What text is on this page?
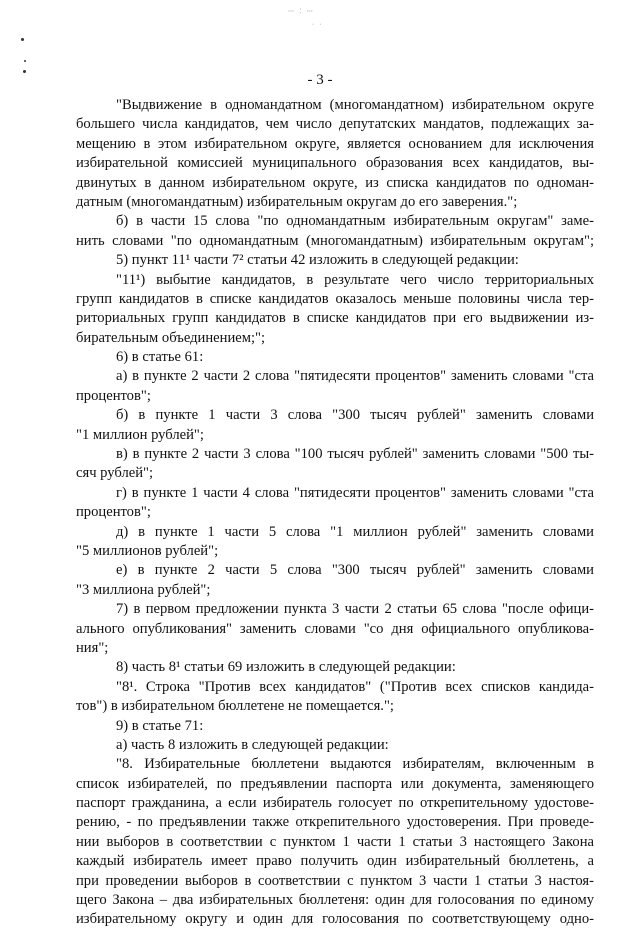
⋯ ⁚ ⋯
· ·
- 3 -
"Выдвижение в одномандатном (многомандатном) избирательном округе
большего числа кандидатов, чем число депутатских мандатов, подлежащих за-
мещению в этом избирательном округе, является основанием для исключения
избирательной комиссией муниципального образования всех кандидатов, вы-
двинутых в данном избирательном округе, из списка кандидатов по одноман-
датным (многомандатным) избирательным округам до его заверения.";
б) в части 15 слова "по одномандатным избирательным округам" заме-
нить словами "по одномандатным (многомандатным) избирательным округам";
5) пункт 11¹ части 7² статьи 42 изложить в следующей редакции:
"11¹) выбытие кандидатов, в результате чего число территориальных
групп кандидатов в списке кандидатов оказалось меньше половины числа тер-
риториальных групп кандидатов в списке кандидатов при его выдвижении из-
бирательным объединением;";
6) в статье 61:
а) в пункте 2 части 2 слова "пятидесяти процентов" заменить словами "ста
процентов";
б) в пункте 1 части 3 слова "300 тысяч рублей" заменить словами
"1 миллион рублей";
в) в пункте 2 части 3 слова "100 тысяч рублей" заменить словами "500 ты-
сяч рублей";
г) в пункте 1 части 4 слова "пятидесяти процентов" заменить словами "ста
процентов";
д) в пункте 1 части 5 слова "1 миллион рублей" заменить словами
"5 миллионов рублей";
е) в пункте 2 части 5 слова "300 тысяч рублей" заменить словами
"3 миллиона рублей";
7) в первом предложении пункта 3 части 2 статьи 65 слова "после офици-
ального опубликования" заменить словами "со дня официального опубликова-
ния";
8) часть 8¹ статьи 69 изложить в следующей редакции:
"8¹. Строка "Против всех кандидатов" ("Против всех списков кандида-
тов") в избирательном бюллетене не помещается.";
9) в статье 71:
а) часть 8 изложить в следующей редакции:
"8. Избирательные бюллетени выдаются избирателям, включенным в
список избирателей, по предъявлении паспорта или документа, заменяющего
паспорт гражданина, а если избиратель голосует по открепительному удостове-
рению, - по предъявлении также открепительного удостоверения. При проведе-
нии выборов в соответствии с пунктом 1 части 1 статьи 3 настоящего Закона
каждый избиратель имеет право получить один избирательный бюллетень, а
при проведении выборов в соответствии с пунктом 3 части 1 статьи 3 настоя-
щего Закона – два избирательных бюллетеня: один для голосования по единому
избирательному округу и один для голосования по соответствующему одно-
